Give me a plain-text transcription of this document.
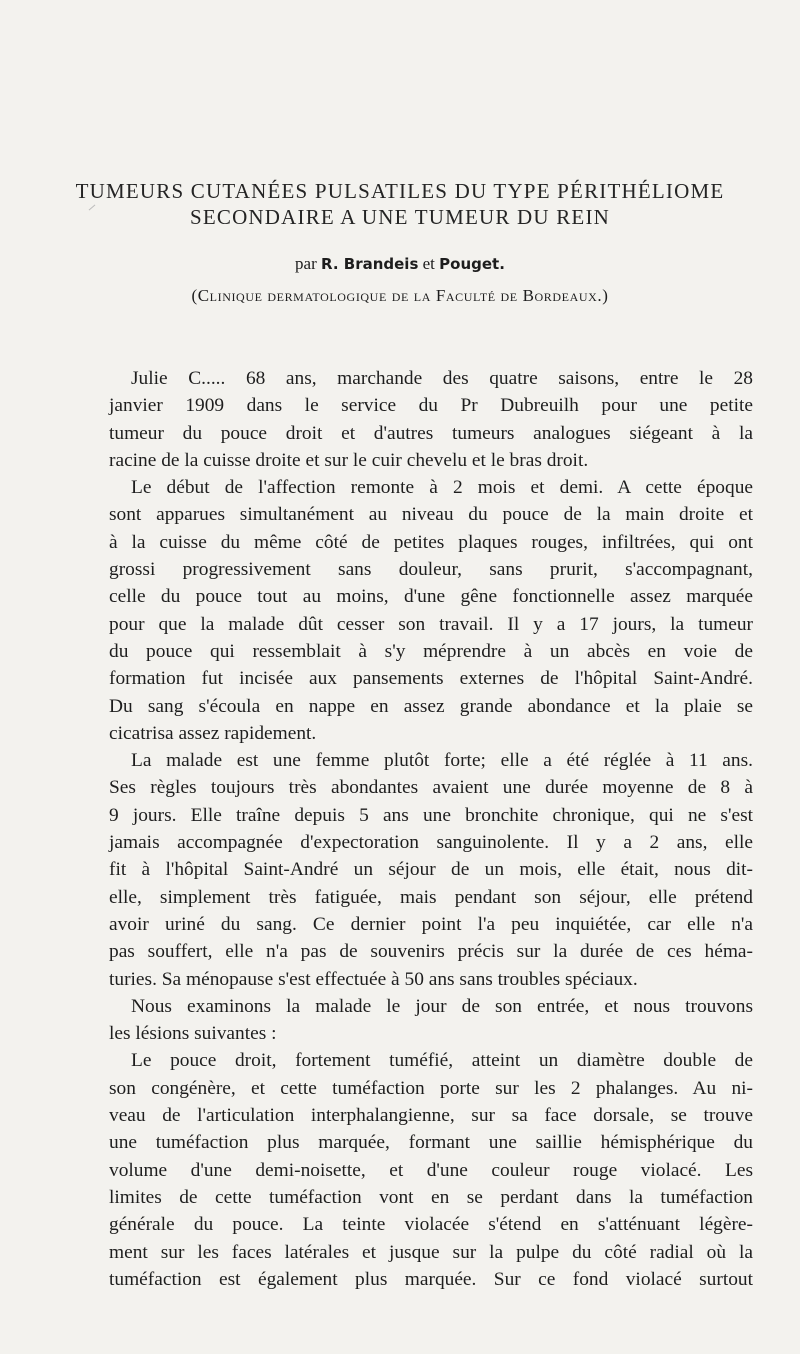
TUMEURS CUTANÉES PULSATILES DU TYPE PÉRITHÉLIOME
SECONDAIRE A UNE TUMEUR DU REIN
par R. Brandeis et Pouget.
(Clinique dermatologique de la Faculté de Bordeaux.)
Julie C..... 68 ans, marchande des quatre saisons, entre le 28
janvier 1909 dans le service du Pr Dubreuilh pour une petite
tumeur du pouce droit et d'autres tumeurs analogues siégeant à la
racine de la cuisse droite et sur le cuir chevelu et le bras droit.
Le début de l'affection remonte à 2 mois et demi. A cette époque
sont apparues simultanément au niveau du pouce de la main droite et
à la cuisse du même côté de petites plaques rouges, infiltrées, qui ont
grossi progressivement sans douleur, sans prurit, s'accompagnant,
celle du pouce tout au moins, d'une gêne fonctionnelle assez marquée
pour que la malade dût cesser son travail. Il y a 17 jours, la tumeur
du pouce qui ressemblait à s'y méprendre à un abcès en voie de
formation fut incisée aux pansements externes de l'hôpital Saint-André.
Du sang s'écoula en nappe en assez grande abondance et la plaie se
cicatrisa assez rapidement.
La malade est une femme plutôt forte; elle a été réglée à 11 ans.
Ses règles toujours très abondantes avaient une durée moyenne de 8 à
9 jours. Elle traîne depuis 5 ans une bronchite chronique, qui ne s'est
jamais accompagnée d'expectoration sanguinolente. Il y a 2 ans, elle
fit à l'hôpital Saint-André un séjour de un mois, elle était, nous dit-
elle, simplement très fatiguée, mais pendant son séjour, elle prétend
avoir uriné du sang. Ce dernier point l'a peu inquiétée, car elle n'a
pas souffert, elle n'a pas de souvenirs précis sur la durée de ces héma-
turies. Sa ménopause s'est effectuée à 50 ans sans troubles spéciaux.
Nous examinons la malade le jour de son entrée, et nous trouvons
les lésions suivantes :
Le pouce droit, fortement tuméfié, atteint un diamètre double de
son congénère, et cette tuméfaction porte sur les 2 phalanges. Au ni-
veau de l'articulation interphalangienne, sur sa face dorsale, se trouve
une tuméfaction plus marquée, formant une saillie hémisphérique du
volume d'une demi-noisette, et d'une couleur rouge violacé. Les
limites de cette tuméfaction vont en se perdant dans la tuméfaction
générale du pouce. La teinte violacée s'étend en s'atténuant légère-
ment sur les faces latérales et jusque sur la pulpe du côté radial où la
tuméfaction est également plus marquée. Sur ce fond violacé surtout
